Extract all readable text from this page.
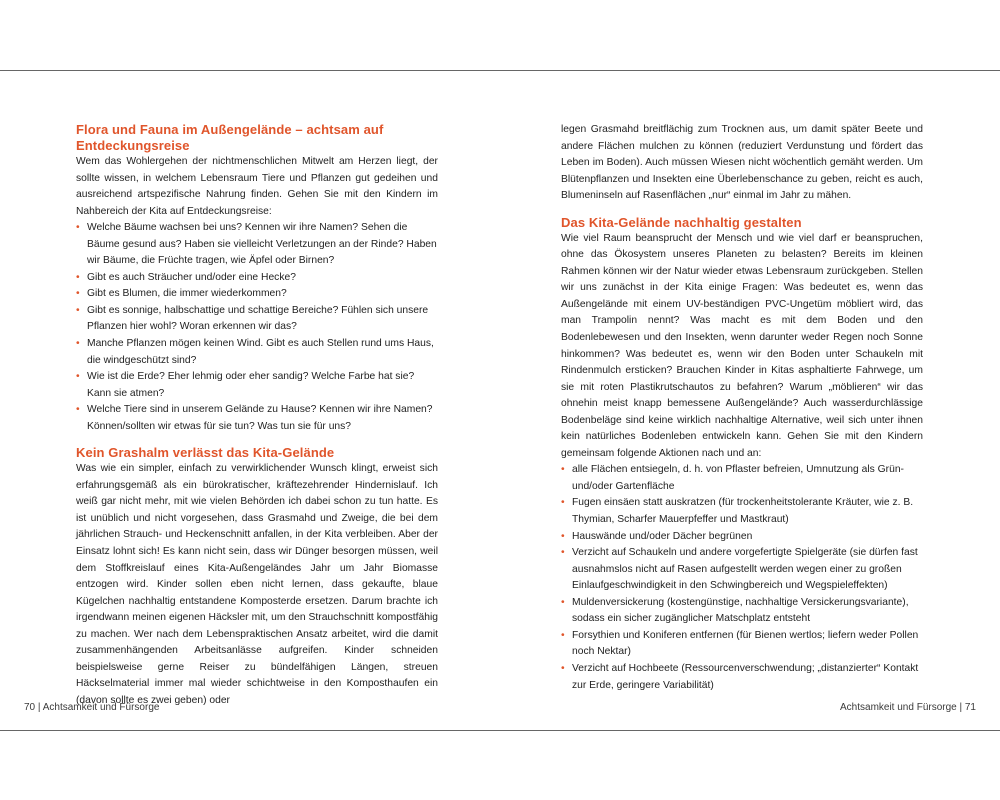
Flora und Fauna im Außengelände – achtsam auf Entdeckungsreise

Wem das Wohlergehen der nichtmenschlichen Mitwelt am Herzen liegt, der sollte wissen, in welchem Lebensraum Tiere und Pflanzen gut gedeihen und ausreichend artspezifische Nahrung finden. Gehen Sie mit den Kindern im Nahbereich der Kita auf Entdeckungsreise:

• Welche Bäume wachsen bei uns? Kennen wir ihre Namen? Sehen die Bäume gesund aus? Haben sie vielleicht Verletzungen an der Rinde? Haben wir Bäume, die Früchte tragen, wie Äpfel oder Birnen?
• Gibt es auch Sträucher und/oder eine Hecke?
• Gibt es Blumen, die immer wiederkommen?
• Gibt es sonnige, halbschattige und schattige Bereiche? Fühlen sich unsere Pflanzen hier wohl? Woran erkennen wir das?
• Manche Pflanzen mögen keinen Wind. Gibt es auch Stellen rund ums Haus, die windgeschützt sind?
• Wie ist die Erde? Eher lehmig oder eher sandig? Welche Farbe hat sie? Kann sie atmen?
• Welche Tiere sind in unserem Gelände zu Hause? Kennen wir ihre Namen? Können/sollten wir etwas für sie tun? Was tun sie für uns?
Kein Grashalm verlässt das Kita-Gelände

Was wie ein simpler, einfach zu verwirklichender Wunsch klingt, erweist sich erfahrungsgemäß als ein bürokratischer, kräftezehrender Hindernislauf. Ich weiß gar nicht mehr, mit wie vielen Behörden ich dabei schon zu tun hatte. Es ist unüblich und nicht vorgesehen, dass Grasmahd und Zweige, die bei dem jährlichen Strauch- und Heckenschnitt anfallen, in der Kita verbleiben. Aber der Einsatz lohnt sich! Es kann nicht sein, dass wir Dünger besorgen müssen, weil dem Stoffkreislauf eines Kita-Außengeländes Jahr um Jahr Biomasse entzogen wird. Kinder sollen eben nicht lernen, dass gekaufte, blaue Kügelchen nachhaltig entstandene Komposterde ersetzen. Darum brachte ich irgendwann meinen eigenen Häcksler mit, um den Strauchschnitt kompostfähig zu machen. Wer nach dem Lebenspraktischen Ansatz arbeitet, wird die damit zusammenhängenden Arbeitsanlässe aufgreifen. Kinder schneiden beispielsweise gerne Reiser zu bündelfähigen Längen, streuen Häckselmaterial immer mal wieder schichtweise in den Komposthaufen ein (davon sollte es zwei geben) oder

legen Grasmahd breitflächig zum Trocknen aus, um damit später Beete und andere Flächen mulchen zu können (reduziert Verdunstung und fördert das Leben im Boden). Auch müssen Wiesen nicht wöchentlich gemäht werden. Um Blütenpflanzen und Insekten eine Überlebenschance zu geben, reicht es auch, Blumeninseln auf Rasenflächen „nur“ einmal im Jahr zu mähen.

Das Kita-Gelände nachhaltig gestalten

Wie viel Raum beansprucht der Mensch und wie viel darf er beanspruchen, ohne das Ökosystem unseres Planeten zu belasten? Bereits im kleinen Rahmen können wir der Natur wieder etwas Lebensraum zurückgeben. Stellen wir uns zunächst in der Kita einige Fragen: Was bedeutet es, wenn das Außengelände mit einem UV-beständigen PVC-Ungetüm möbliert wird, das man Trampolin nennt? Was macht es mit dem Boden und den Bodenlebewesen und den Insekten, wenn darunter weder Regen noch Sonne hinkommen? Was bedeutet es, wenn wir den Boden unter Schaukeln mit Rindenmulch ersticken? Brauchen Kinder in Kitas asphaltierte Fahrwege, um sie mit roten Plastikrutschautos zu befahren? Warum „möblieren“ wir das ohnehin meist knapp bemessene Außengelände? Auch wasserdurchlässige Bodenbeläge sind keine wirklich nachhaltige Alternative, weil sich unter ihnen kein natürliches Bodenleben entwickeln kann. Gehen Sie mit den Kindern gemeinsam folgende Aktionen nach und an:

• alle Flächen entsiegeln, d. h. von Pflaster befreien, Umnutzung als Grün- und/oder Gartenfläche
• Fugen einsäen statt auskratzen (für trockenheitstolerante Kräuter, wie z. B. Thymian, Scharfer Mauerpfeffer und Mastkraut)
• Hauswände und/oder Dächer begrünen
• Verzicht auf Schaukeln und andere vorgefertigte Spielgeräte (sie dürfen fast ausnahmslos nicht auf Rasen aufgestellt werden wegen einer zu großen Einlaufgeschwindigkeit in den Schwingbereich und Wegspieleffekten)
• Muldenversickerung (kostengünstige, nachhaltige Versickerungsvariante), sodass ein sicher zugänglicher Matschplatz entsteht
• Forsythien und Koniferen entfernen (für Bienen wertlos; liefern weder Pollen noch Nektar)
• Verzicht auf Hochbeete (Ressourcenverschwendung; „distanzierter“ Kontakt zur Erde, geringere Variabilität)
70 | Achtsamkeit und Fürsorge	Achtsamkeit und Fürsorge | 71
